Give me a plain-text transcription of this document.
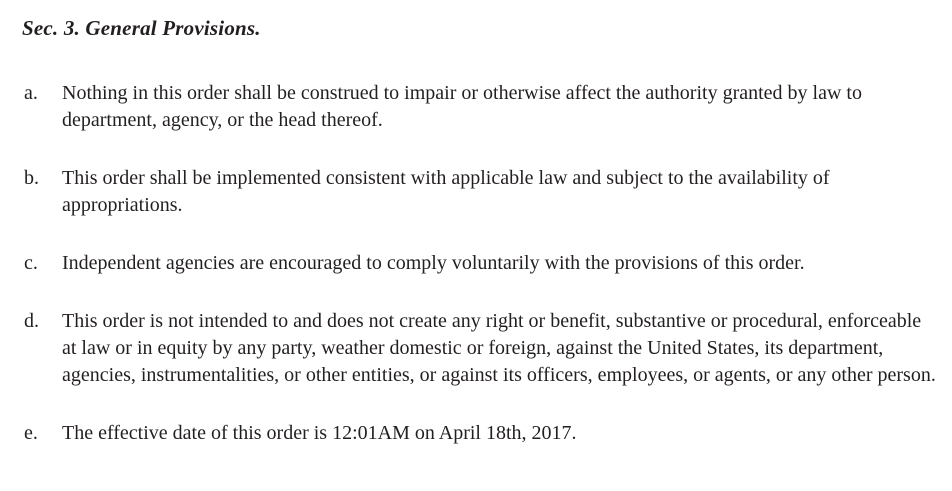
Sec. 3. General Provisions.
a.	Nothing in this order shall be construed to impair or otherwise affect the authority granted by law to department, agency, or the head thereof.
b.	This order shall be implemented consistent with applicable law and subject to the availability of appropriations.
c.	Independent agencies are encouraged to comply voluntarily with the provisions of this order.
d.	This order is not intended to and does not create any right or benefit, substantive or procedural, enforceable at law or in equity by any party, weather domestic or foreign, against the United States, its department, agencies, instrumentalities, or other entities, or against its officers, employees, or agents, or any other person.
e.	The effective date of this order is 12:01AM on April 18th, 2017.
